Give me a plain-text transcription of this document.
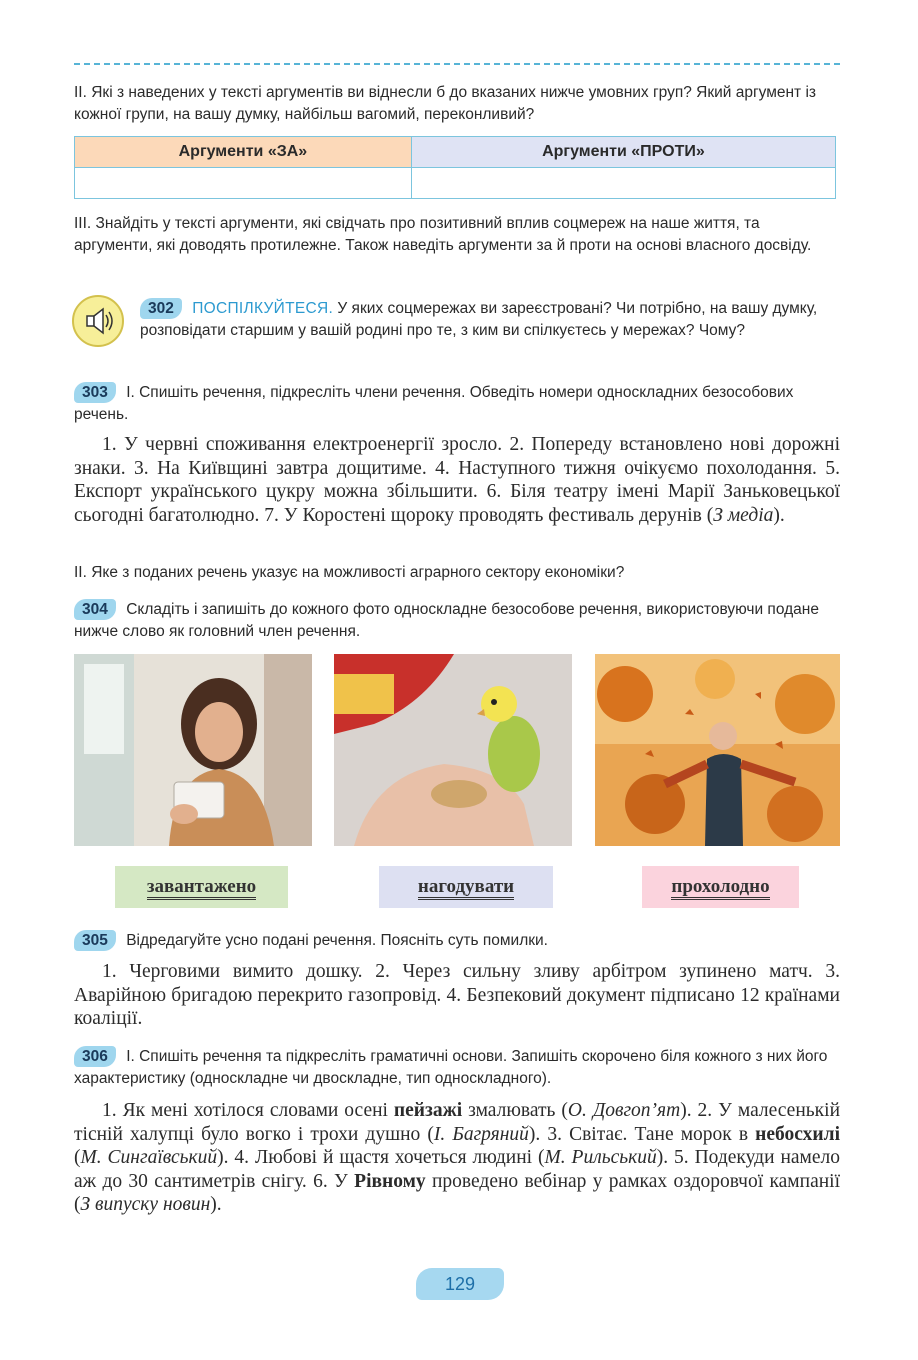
II. Які з наведених у тексті аргументів ви віднесли б до вказаних нижче умовних груп? Який аргумент із кожної групи, на вашу думку, найбільш вагомий, переконливий?

Аргументи «ЗА»	Аргументи «ПРОТИ»

III. Знайдіть у тексті аргументи, які свідчать про позитивний вплив соцмереж на наше життя, та аргументи, які доводять протилежне. Також наведіть аргументи за й проти на основі власного досвіду.

302 ПОСПІЛКУЙТЕСЯ. У яких соцмережах ви зареєстровані? Чи потрібно, на вашу думку, розповідати старшим у вашій родині про те, з ким ви спілкуєтесь у мережах? Чому?

303 I. Спишіть речення, підкресліть члени речення. Обведіть номери односкладних безособових речень.

1. У червні споживання електроенергії зросло. 2. Попереду встановлено нові дорожні знаки. 3. На Київщині завтра дощитиме. 4. Наступного тижня очікуємо похолодання. 5. Експорт українського цукру можна збільшити. 6. Біля театру імені Марії Заньковецької сьогодні багатолюдно. 7. У Коростені щороку проводять фестиваль дерунів (З медіа).

II. Яке з поданих речень указує на можливості аграрного сектору економіки?

304 Складіть і запишіть до кожного фото односкладне безособове речення, використовуючи подане нижче слово як головний член речення.

завантажено	нагодувати	прохолодно

305 Відредагуйте усно подані речення. Поясніть суть помилки.

1. Черговими вимито дошку. 2. Через сильну зливу арбітром зупинено матч. 3. Аварійною бригадою перекрито газопровід. 4. Безпековий документ підписано 12 країнами коаліції.

306 I. Спишіть речення та підкресліть граматичні основи. Запишіть скорочено біля кожного з них його характеристику (односкладне чи двоскладне, тип односкладного).

1. Як мені хотілося словами осені пейзажі змалювать (О. Довгоп’ят). 2. У малесенькій тісній халупці було вогко і трохи душно (І. Багряний). 3. Світає. Тане морок в небосхилі (М. Сингаївський). 4. Любові й щастя хочеться людині (М. Рильський). 5. Подекуди намело аж до 30 сантиметрів снігу. 6. У Рівному проведено вебінар у рамках оздоровчої кампанії (З випуску новин).

129
